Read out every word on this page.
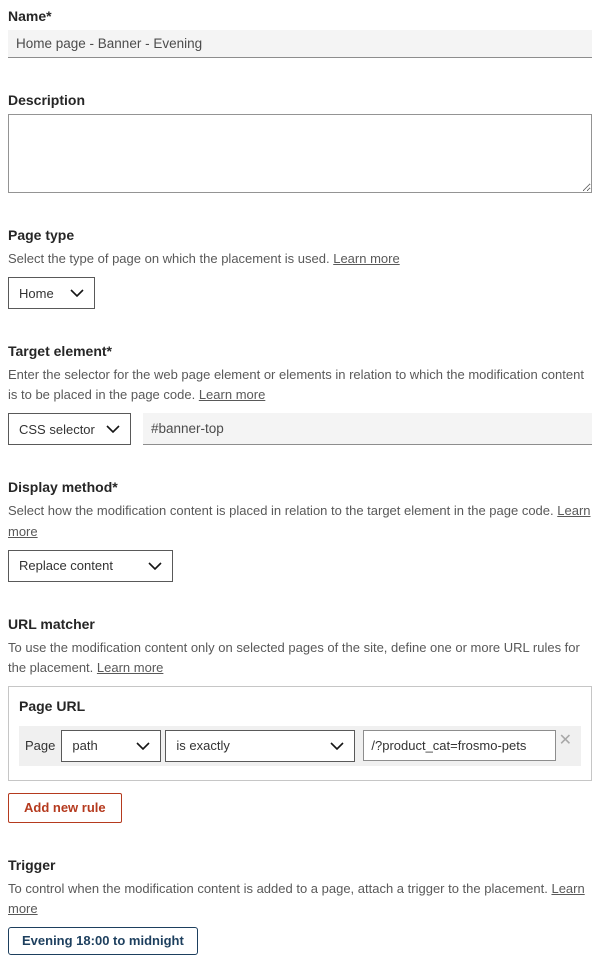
Name*
Home page - Banner - Evening
Description
Page type

Select the type of page on which the placement is used. Learn more

Home
Target element*

Enter the selector for the web page element or elements in relation to which the modification content is to be placed in the page code. Learn more

CSS selector
#banner-top
Display method*

Select how the modification content is placed in relation to the target element in the page code. Learn more

Replace content
URL matcher

To use the modification content only on selected pages of the site, define one or more URL rules for the placement. Learn more

Page URL

Page path	is exactly
/?product_cat=frosmo-pets	✕
Add new rule
Trigger

To control when the modification content is added to a page, attach a trigger to the placement. Learn more

Evening 18:00 to midnight
